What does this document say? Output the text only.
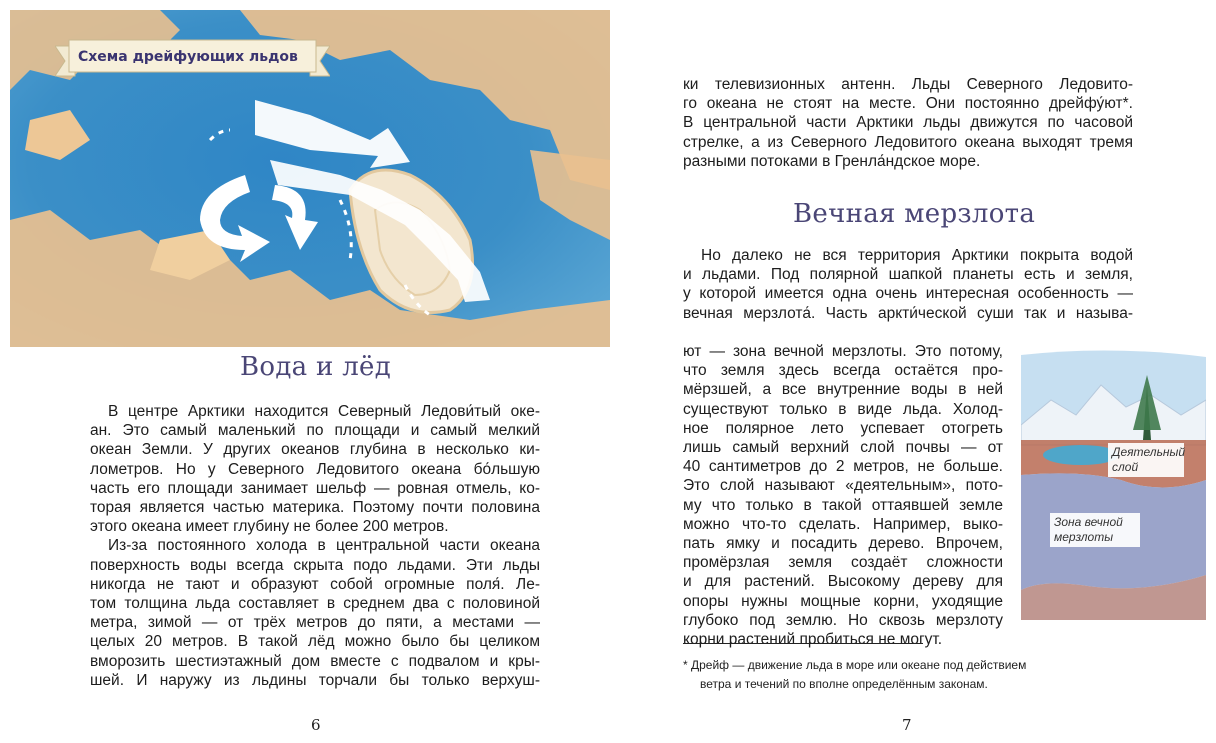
Схема дрейфующих льдов
Вода и лёд
В центре Арктики находится Северный Ледови́тый оке-
ан. Это самый маленький по площади и самый мелкий
океан Земли. У других океанов глубина в несколько ки-
лометров. Но у Северного Ледовитого океана бо́льшую
часть его площади занимает шельф — ровная отмель, ко-
торая является частью материка. Поэтому почти половина
этого океана имеет глубину не более 200 метров.
Из-за постоянного холода в центральной части океана
поверхность воды всегда скрыта подо льдами. Эти льды
никогда не тают и образуют собой огромные поля́. Ле-
том толщина льда составляет в среднем два с половиной
метра, зимой — от трёх метров до пяти, а местами —
целых 20 метров. В такой лёд можно было бы целиком
вморозить шестиэтажный дом вместе с подвалом и кры-
шей. И наружу из льдины торчали бы только верхуш-
6
ки телевизионных антенн. Льды Северного Ледовито-
го океана не стоят на месте. Они постоянно дрейфу́ют*.
В центральной части Арктики льды движутся по часовой
стрелке, а из Северного Ледовитого океана выходят тремя
разными потоками в Гренла́ндское море.
Вечная мерзлота
Но далеко не вся территория Арктики покрыта водой
и льдами. Под полярной шапкой планеты есть и земля,
у которой имеется одна очень интересная особенность —
вечная мерзлота́. Часть аркти́ческой суши так и называ-
ют — зона вечной мерзлоты. Это потому,
что земля здесь всегда остаётся про-
мёрзшей, а все внутренние воды в ней
существуют только в виде льда. Холод-
ное полярное лето успевает отогреть
лишь самый верхний слой почвы — от
40 сантиметров до 2 метров, не больше.
Это слой называют «деятельным», пото-
му что только в такой оттаявшей земле
можно что-то сделать. Например, выко-
пать ямку и посадить дерево. Впрочем,
промёрзлая земля создаёт сложности
и для растений. Высокому дереву для
опоры нужны мощные корни, уходящие
глубоко под землю. Но сквозь мерзлоту
корни растений пробиться не могут.
Деятельный слой
Зона вечной мерзлоты
* Дрейф — движение льда в море или океане под действием
ветра и течений по вполне определённым законам.
7
